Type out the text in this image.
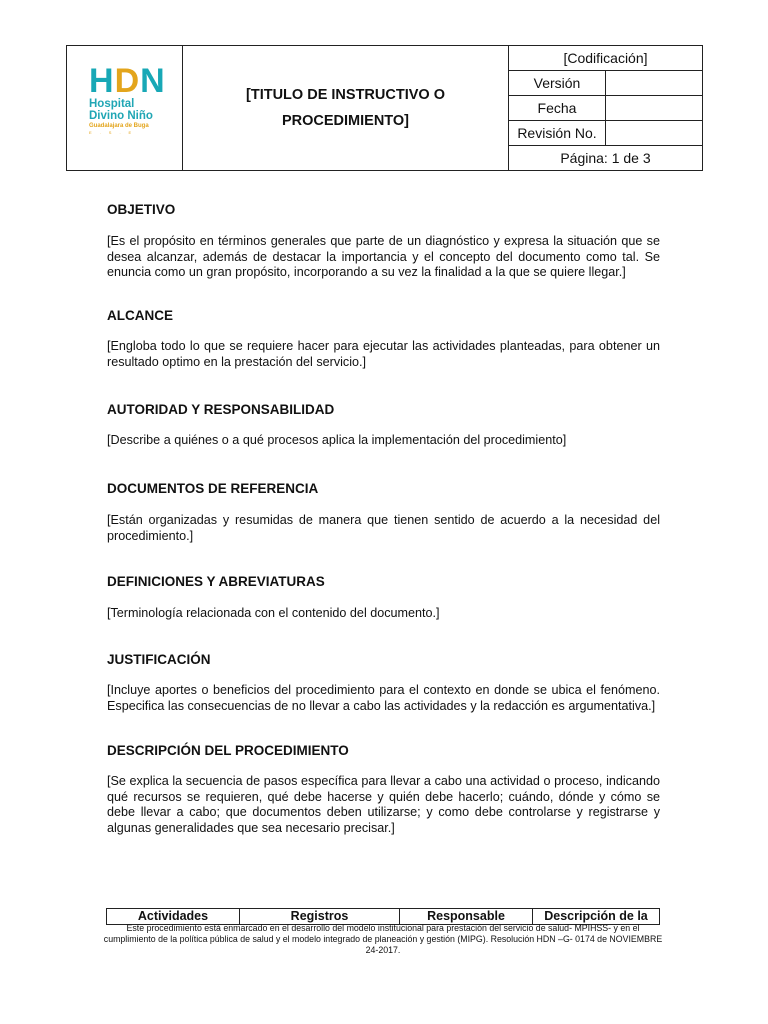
HDN
Hospital
Divino Niño
Guadalajara de Buga
E.S.E	[TITULO DE INSTRUCTIVO O PROCEDIMIENTO]	[Codificación]	
		Versión	
		Fecha	
		Revisión No.	
		Página: 1 de 3	
OBJETIVO
[Es el propósito en términos generales que parte de un diagnóstico y expresa la situación que se desea alcanzar, además de destacar la importancia y el concepto del documento como tal. Se enuncia como un gran propósito, incorporando a su vez la finalidad a la que se quiere llegar.]
ALCANCE
[Engloba todo lo que se requiere hacer para ejecutar las actividades planteadas, para obtener un resultado optimo en la prestación del servicio.]
AUTORIDAD Y RESPONSABILIDAD
[Describe a quiénes o a qué procesos aplica la implementación del procedimiento]
DOCUMENTOS DE REFERENCIA
[Están organizadas y resumidas de manera que tienen sentido de acuerdo a la necesidad del procedimiento.]
DEFINICIONES Y ABREVIATURAS
[Terminología relacionada con el contenido del documento.]
JUSTIFICACIÓN
[Incluye aportes o beneficios del procedimiento para el contexto en donde se ubica el fenómeno. Especifica las consecuencias de no llevar a cabo las actividades y la redacción es argumentativa.]
DESCRIPCIÓN DEL PROCEDIMIENTO
[Se explica la secuencia de pasos específica para llevar a cabo una actividad o proceso, indicando qué recursos se requieren, qué debe hacerse y quién debe hacerlo; cuándo, dónde y cómo se debe llevar a cabo; que documentos deben utilizarse; y como debe controlarse y registrarse y algunas generalidades que sea necesario precisar.]
Actividades	Registros	Responsable	Descripción de la
Este procedimiento está enmarcado en el desarrollo del modelo institucional para prestación del servicio de salud- MPIHSS- y en el cumplimiento de la política pública de salud y el modelo integrado de planeación y gestión (MIPG). Resolución HDN –G- 0174 de NOVIEMBRE 24-2017.
